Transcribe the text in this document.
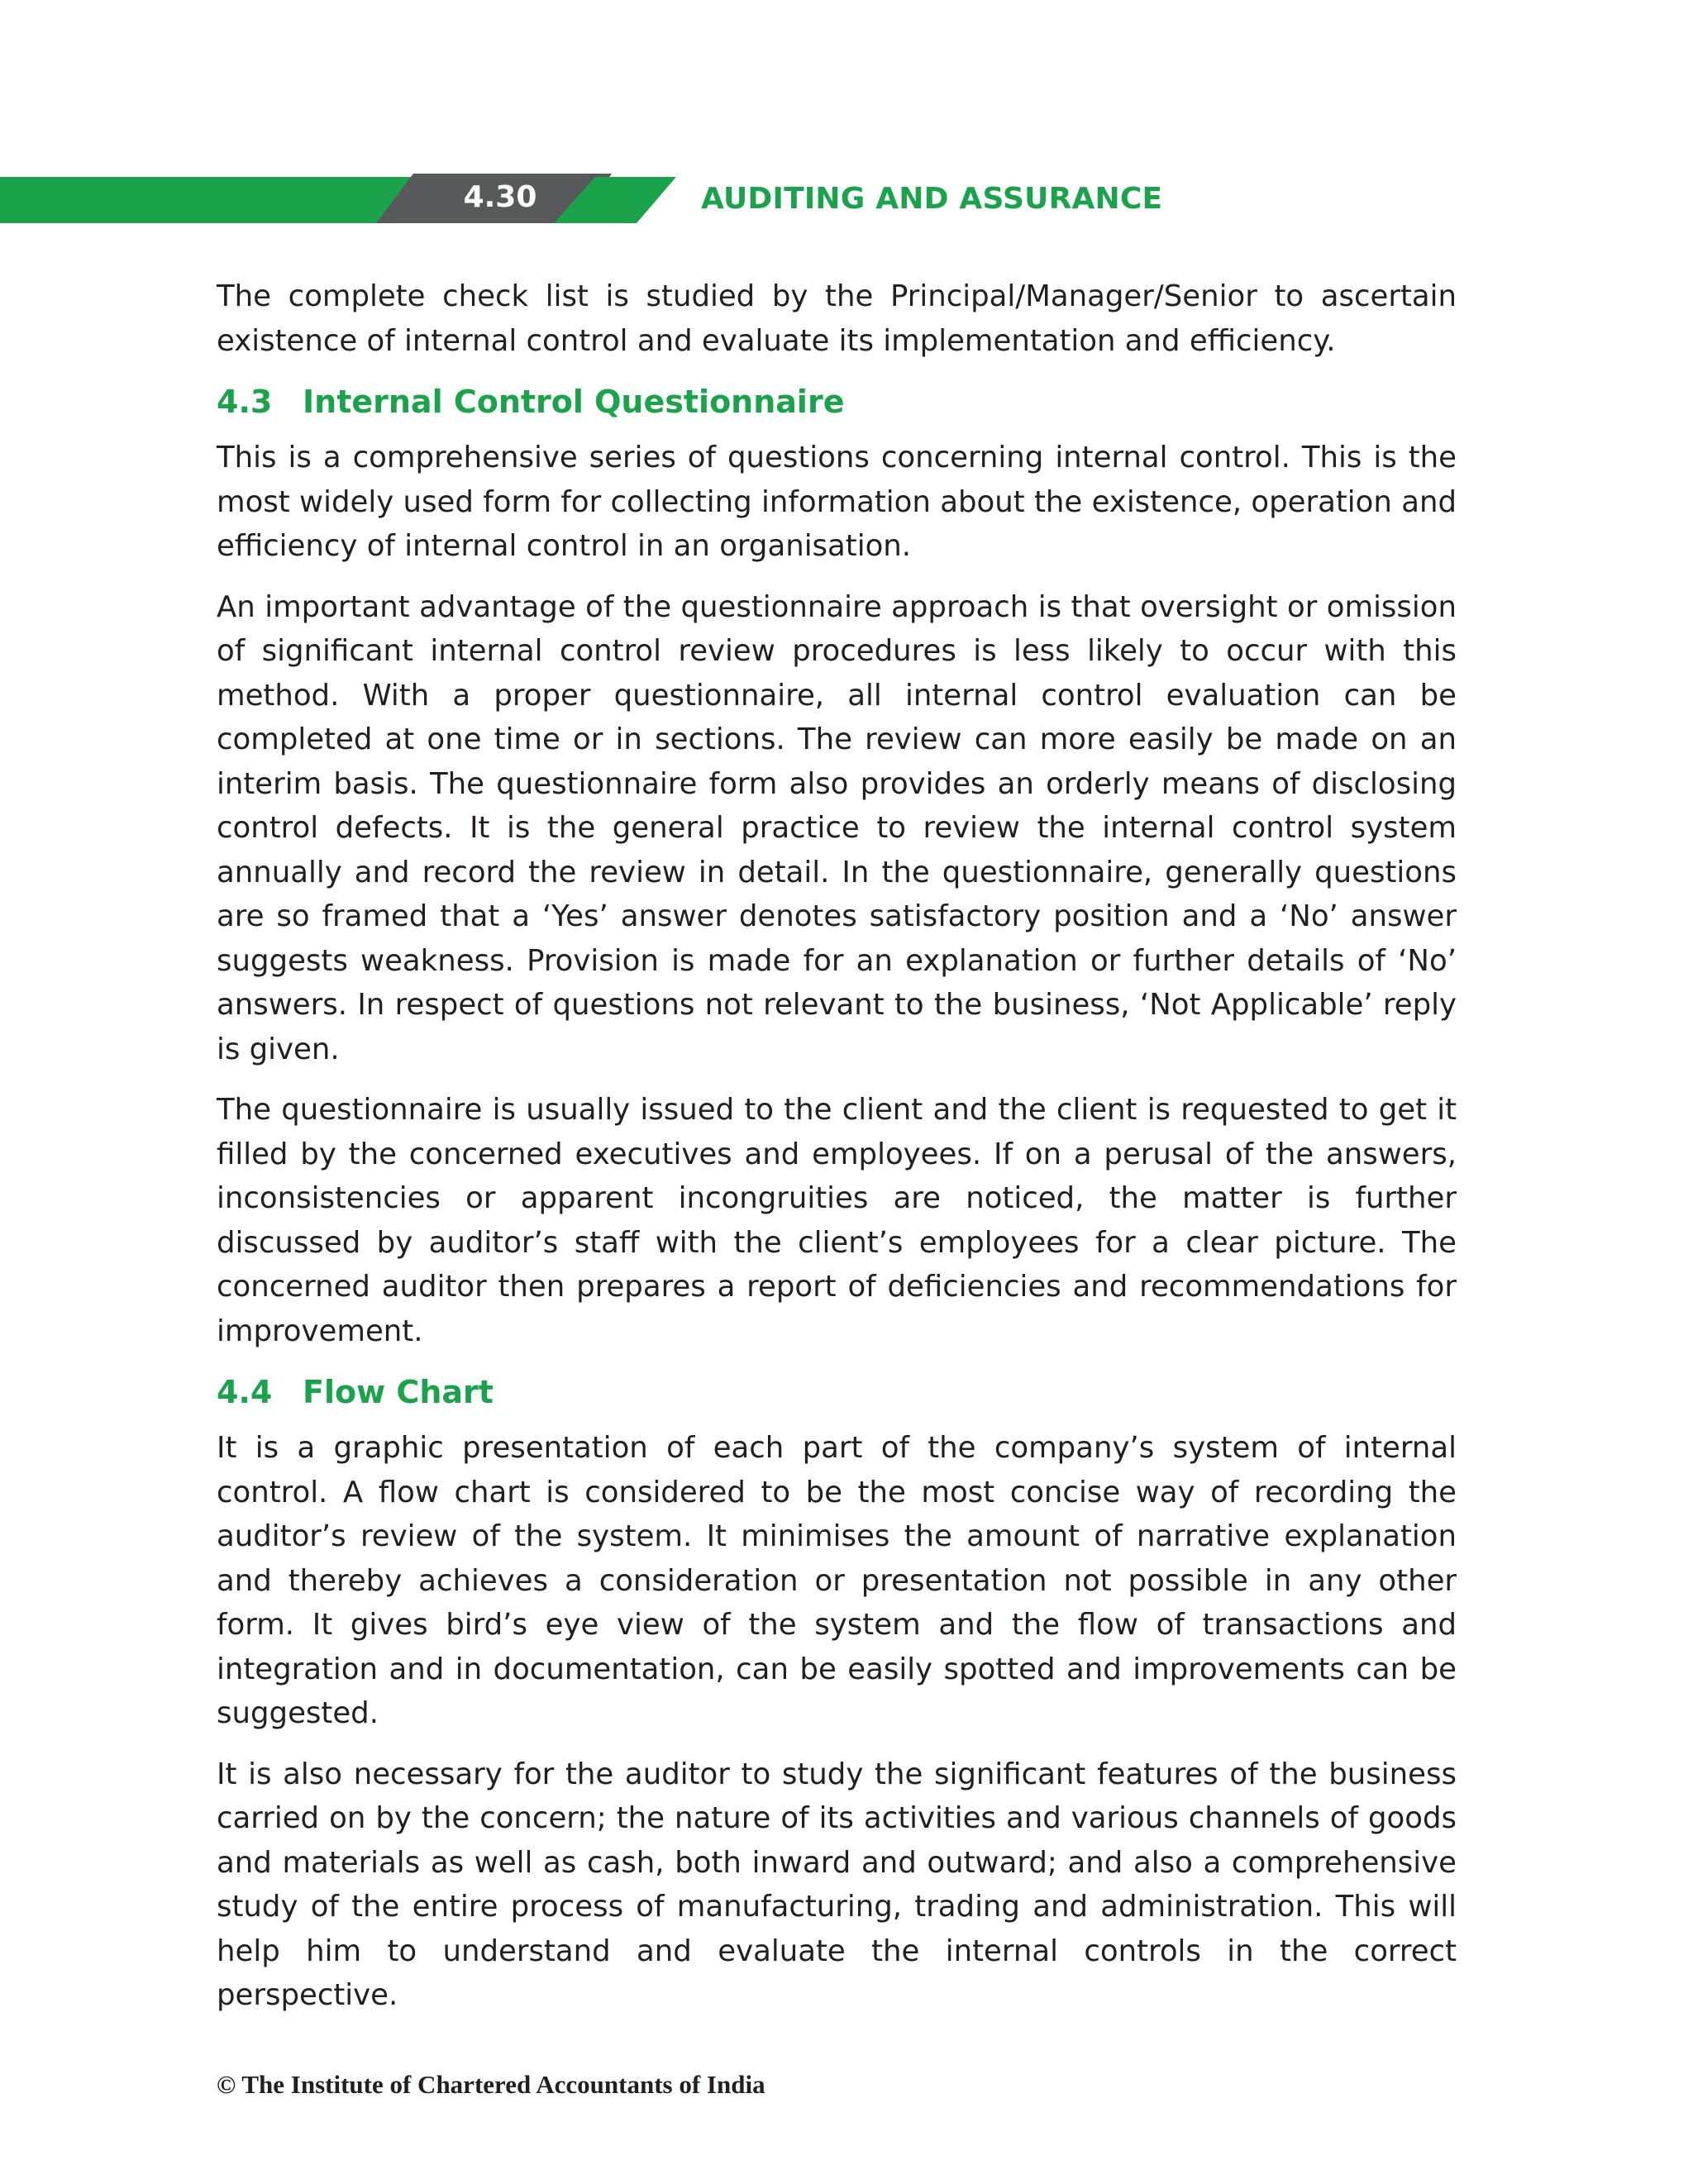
4.30	AUDITING AND ASSURANCE

The complete check list is studied by the Principal/Manager/Senior to ascertain existence of internal control and evaluate its implementation and efficiency.

4.3 Internal Control Questionnaire

This is a comprehensive series of questions concerning internal control. This is the most widely used form for collecting information about the existence, operation and efficiency of internal control in an organisation.

An important advantage of the questionnaire approach is that oversight or omission of significant internal control review procedures is less likely to occur with this method. With a proper questionnaire, all internal control evaluation can be completed at one time or in sections. The review can more easily be made on an interim basis. The questionnaire form also provides an orderly means of disclosing control defects. It is the general practice to review the internal control system annually and record the review in detail. In the questionnaire, generally questions are so framed that a ‘Yes’ answer denotes satisfactory position and a ‘No’ answer suggests weakness. Provision is made for an explanation or further details of ‘No’ answers. In respect of questions not relevant to the business, ‘Not Applicable’ reply is given.

The questionnaire is usually issued to the client and the client is requested to get it filled by the concerned executives and employees. If on a perusal of the answers, inconsistencies or apparent incongruities are noticed, the matter is further discussed by auditor’s staff with the client’s employees for a clear picture. The concerned auditor then prepares a report of deficiencies and recommendations for improvement.

4.4 Flow Chart

It is a graphic presentation of each part of the company’s system of internal control. A flow chart is considered to be the most concise way of recording the auditor’s review of the system. It minimises the amount of narrative explanation and thereby achieves a consideration or presentation not possible in any other form. It gives bird’s eye view of the system and the flow of transactions and integration and in documentation, can be easily spotted and improvements can be suggested.

It is also necessary for the auditor to study the significant features of the business carried on by the concern; the nature of its activities and various channels of goods and materials as well as cash, both inward and outward; and also a comprehensive study of the entire process of manufacturing, trading and administration. This will help him to understand and evaluate the internal controls in the correct perspective.

© The Institute of Chartered Accountants of India
